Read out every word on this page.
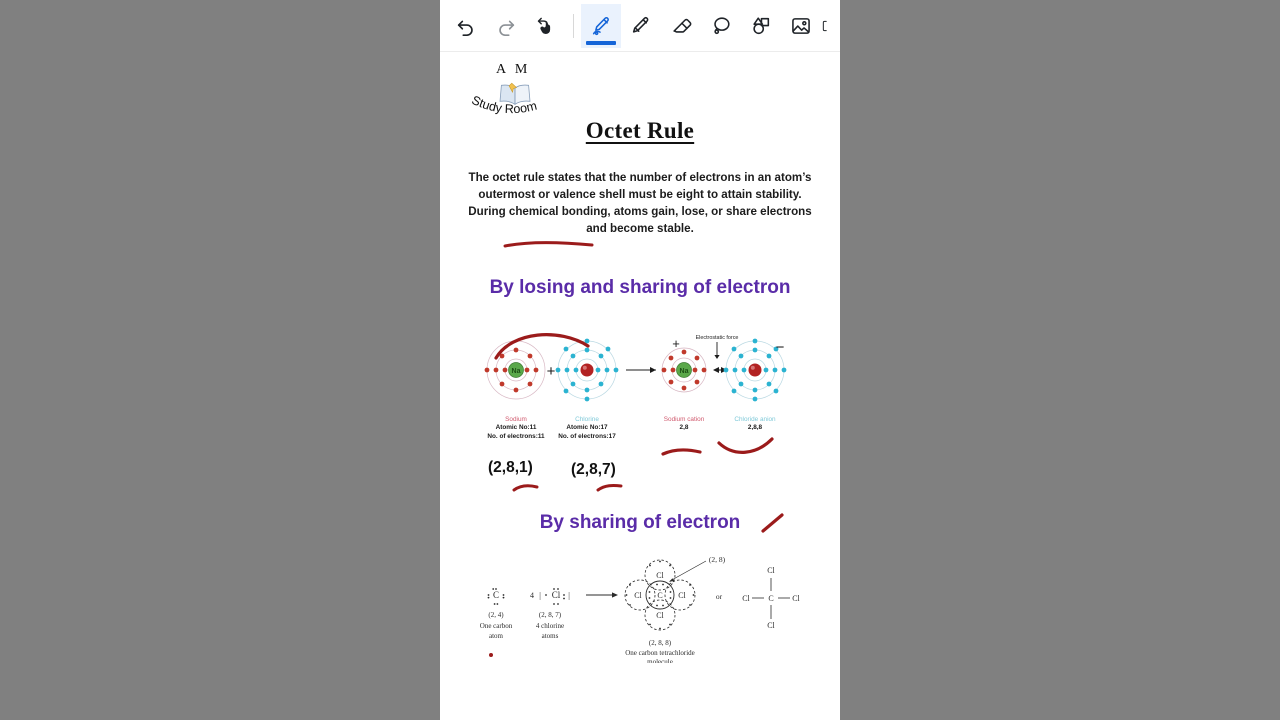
A M
Study Room
Octet Rule
The octet rule states that the number of electrons in an atom’s outermost or valence shell must be eight to attain stability. During chemical bonding, atoms gain, lose, or share electrons and become stable.
By losing and sharing of electron
Na +	Na
+	Electrostatic force
−
Sodium
Atomic No:11
No. of electrons:11
Chlorine
Atomic No:17
No. of electrons:17
Sodium cation
2,8
Chloride anion
2,8,8
(2,8,1) (2,8,7)
By sharing of electron
C
(2, 4)
One carbon
atom
4 | Cl |
(2, 8, 7)
4 chlorine
atoms
Cl
Cl
Cl	Cl
C
(2, 8)
(2, 8, 8)
One carbon tetrachloride
molecule
or
Cl
C
Cl
Cl	Cl
